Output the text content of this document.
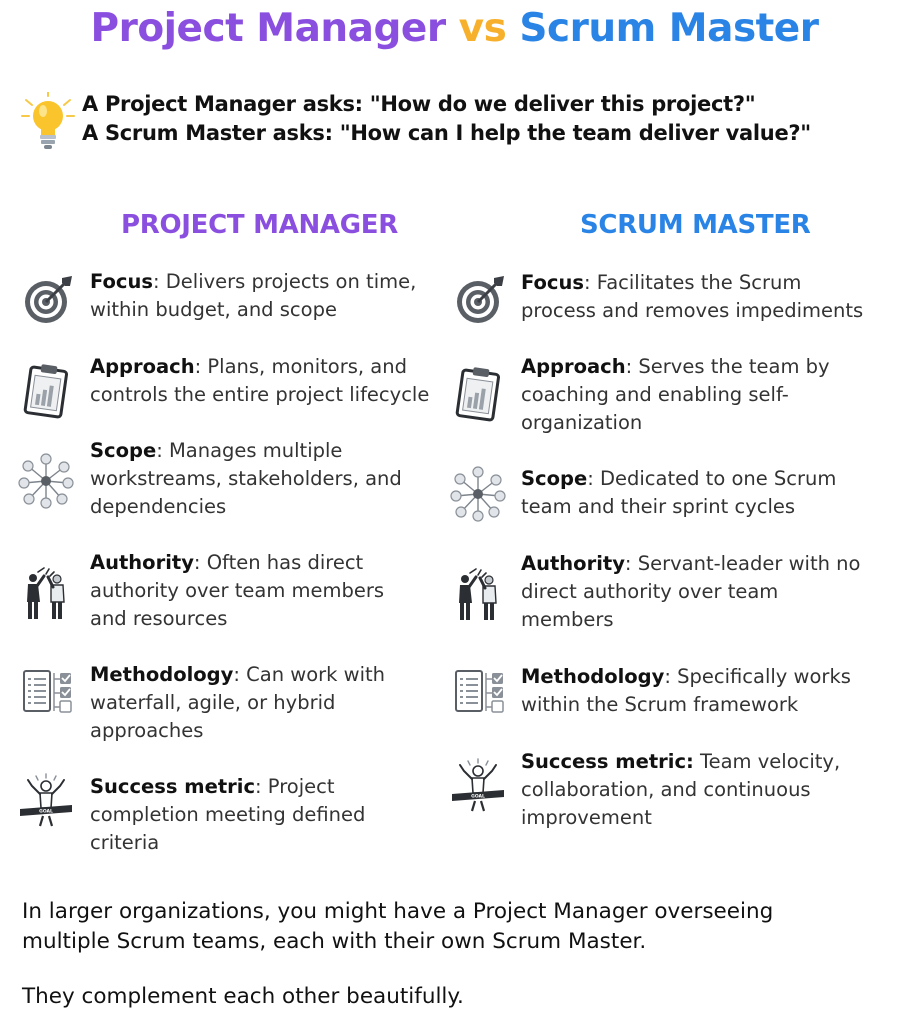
Project Manager vs Scrum Master
A Project Manager asks: "How do we deliver this project?"
A Scrum Master asks: "How can I help the team deliver value?"
PROJECT MANAGER	SCRUM MASTER
Focus: Delivers projects on time,
within budget, and scope
Approach: Plans, monitors, and
controls the entire project lifecycle
Scope: Manages multiple
workstreams, stakeholders, and
dependencies
Authority: Often has direct
authority over team members
and resources
Methodology: Can work with
waterfall, agile, or hybrid
approaches
Success metric: Project
completion meeting defined
criteria
Focus: Facilitates the Scrum
process and removes impediments
Approach: Serves the team by
coaching and enabling self-
organization
Scope: Dedicated to one Scrum
team and their sprint cycles
Authority: Servant-leader with no
direct authority over team
members
Methodology: Specifically works
within the Scrum framework
Success metric: Team velocity,
collaboration, and continuous
improvement
In larger organizations, you might have a Project Manager overseeing
multiple Scrum teams, each with their own Scrum Master.
They complement each other beautifully.
